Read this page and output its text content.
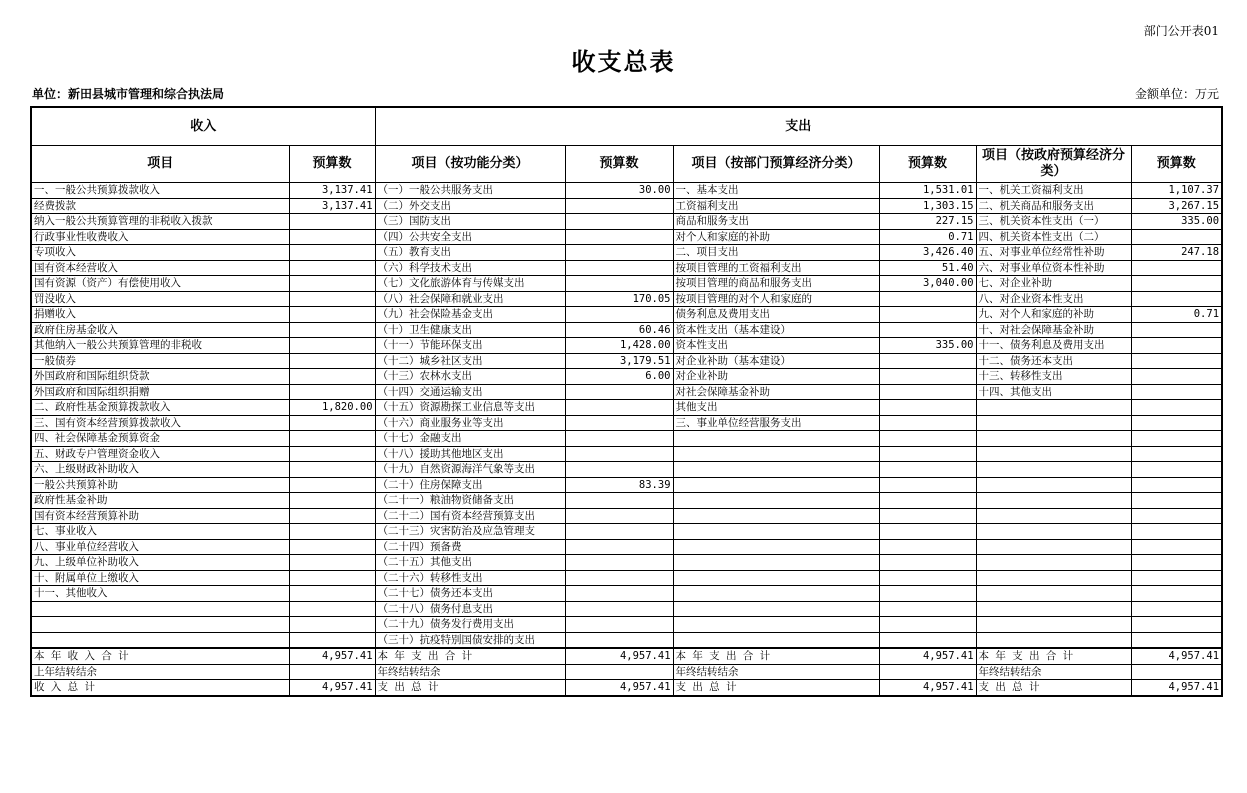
部门公开表01
收支总表
单位：新田县城市管理和综合执法局	金额单位：万元
收入		支出					
项目	预算数	项目（按功能分类）	预算数	项目（按部门预算经济分类）	预算数	项目（按政府预算经济分类）	预算数
一、一般公共预算拨款收入	3,137.41	（一）一般公共服务支出	30.00	一、基本支出	1,531.01	一、机关工资福利支出	1,107.37
经费拨款	3,137.41	（二）外交支出		工资福利支出	1,303.15	二、机关商品和服务支出	3,267.15
纳入一般公共预算管理的非税收入拨款		（三）国防支出		商品和服务支出	227.15	三、机关资本性支出（一）	335.00
行政事业性收费收入		（四）公共安全支出		对个人和家庭的补助	0.71	四、机关资本性支出（二）	
专项收入		（五）教育支出		二、项目支出	3,426.40	五、对事业单位经常性补助	247.18
国有资本经营收入		（六）科学技术支出		按项目管理的工资福利支出	51.40	六、对事业单位资本性补助	
国有资源（资产）有偿使用收入		（七）文化旅游体育与传媒支出		按项目管理的商品和服务支出	3,040.00	七、对企业补助	
罚没收入		（八）社会保障和就业支出	170.05	按项目管理的对个人和家庭的		八、对企业资本性支出	
捐赠收入		（九）社会保险基金支出		债务利息及费用支出		九、对个人和家庭的补助	0.71
政府住房基金收入		（十）卫生健康支出	60.46	资本性支出（基本建设）		十、对社会保障基金补助	
其他纳入一般公共预算管理的非税收		（十一）节能环保支出	1,428.00	资本性支出	335.00	十一、债务利息及费用支出	
一般债券		（十二）城乡社区支出	3,179.51	对企业补助（基本建设）		十二、债务还本支出	
外国政府和国际组织贷款		（十三）农林水支出	6.00	对企业补助		十三、转移性支出	
外国政府和国际组织捐赠		（十四）交通运输支出		对社会保障基金补助		十四、其他支出	
二、政府性基金预算拨款收入	1,820.00	（十五）资源勘探工业信息等支出		其他支出			
三、国有资本经营预算拨款收入		（十六）商业服务业等支出		三、事业单位经营服务支出			
四、社会保障基金预算资金		（十七）金融支出					
五、财政专户管理资金收入		（十八）援助其他地区支出					
六、上级财政补助收入		（十九）自然资源海洋气象等支出					
一般公共预算补助		（二十）住房保障支出	83.39				
政府性基金补助		（二十一）粮油物资储备支出					
国有资本经营预算补助		（二十二）国有资本经营预算支出					
七、事业收入		（二十三）灾害防治及应急管理支					
八、事业单位经营收入		（二十四）预备费					
九、上级单位补助收入		（二十五）其他支出					
十、附属单位上缴收入		（二十六）转移性支出					
十一、其他收入		（二十七）债务还本支出					
		（二十八）债务付息支出					
		（二十九）债务发行费用支出					
		（三十）抗疫特别国债安排的支出					
本 年 收 入 合 计	4,957.41	本 年 支 出 合 计	4,957.41	本 年 支 出 合 计	4,957.41	本 年 支 出 合 计	4,957.41
上年结转结余		年终结转结余		年终结转结余		年终结转结余	
收 入 总 计	4,957.41	支 出 总 计	4,957.41	支 出 总 计	4,957.41	支 出 总 计	4,957.41
